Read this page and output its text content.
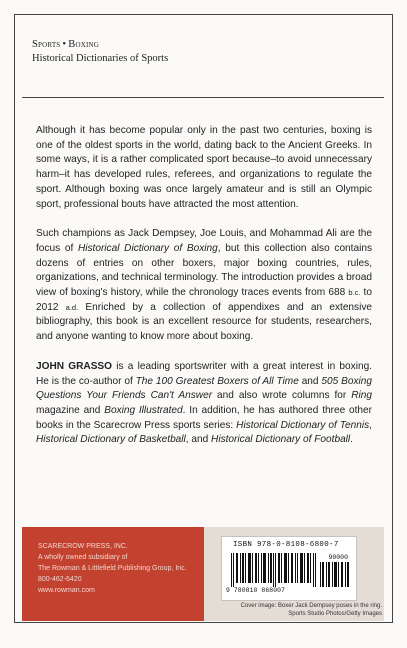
Sports • Boxing
Historical Dictionaries of Sports

Although it has become popular only in the past two centuries, boxing is one of the oldest sports in the world, dating back to the Ancient Greeks. In some ways, it is a rather complicated sport because–to avoid unnecessary harm–it has developed rules, referees, and organizations to regulate the sport. Although boxing was once largely amateur and is still an Olympic sport, professional bouts have attracted the most attention.

Such champions as Jack Dempsey, Joe Louis, and Mohammad Ali are the focus of Historical Dictionary of Boxing, but this collection also contains dozens of entries on other boxers, major boxing countries, rules, organizations, and technical terminology. The introduction provides a broad view of boxing's history, while the chronology traces events from 688 b.c. to 2012 a.d. Enriched by a collection of appendixes and an extensive bibliography, this book is an excellent resource for students, researchers, and anyone wanting to know more about boxing.

JOHN GRASSO is a leading sportswriter with a great interest in boxing. He is the co-author of The 100 Greatest Boxers of All Time and 505 Boxing Questions Your Friends Can't Answer and also wrote columns for Ring magazine and Boxing Illustrated. In addition, he has authored three other books in the Scarecrow Press sports series: Historical Dictionary of Tennis, Historical Dictionary of Basketball, and Historical Dictionary of Football.

SCARECROW PRESS, INC.
A wholly owned subsidiary of
The Rowman & Littlefield Publishing Group, Inc.
800-462-6420
www.rowman.com
ISBN 978-0-8108-6800-7
90000
9 780810 868007
Cover image: Boxer Jack Dempsey poses in the ring.
Sports Studio Photos/Getty Images
